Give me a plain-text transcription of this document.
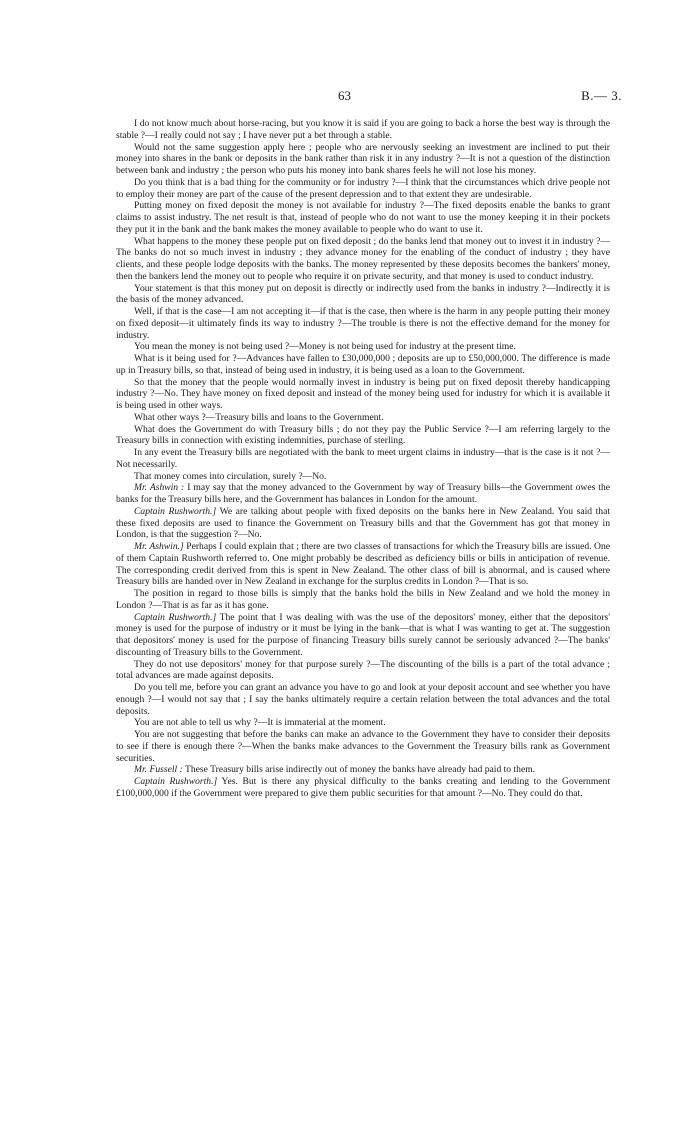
63	B.— 3.

I do not know much about horse-racing, but you know it is said if you are going to back a horse the best way is through the stable ?—I really could not say ; I have never put a bet through a stable.

Would not the same suggestion apply here ; people who are nervously seeking an investment are inclined to put their money into shares in the bank or deposits in the bank rather than risk it in any industry ?—It is not a question of the distinction between bank and industry ; the person who puts his money into bank shares feels he will not lose his money.

Do you think that is a bad thing for the community or for industry ?—I think that the circumstances which drive people not to employ their money are part of the cause of the present depression and to that extent they are undesirable.

Putting money on fixed deposit the money is not available for industry ?—The fixed deposits enable the banks to grant claims to assist industry. The net result is that, instead of people who do not want to use the money keeping it in their pockets they put it in the bank and the bank makes the money available to people who do want to use it.

What happens to the money these people put on fixed deposit ; do the banks lend that money out to invest it in industry ?—The banks do not so much invest in industry ; they advance money for the enabling of the conduct of industry ; they have clients, and these people lodge deposits with the banks. The money represented by these deposits becomes the bankers' money, then the bankers lend the money out to people who require it on private security, and that money is used to conduct industry.

Your statement is that this money put on deposit is directly or indirectly used from the banks in industry ?—Indirectly it is the basis of the money advanced.

Well, if that is the case—I am not accepting it—if that is the case, then where is the harm in any people putting their money on fixed deposit—it ultimately finds its way to industry ?—The trouble is there is not the effective demand for the money for industry.

You mean the money is not being used ?—Money is not being used for industry at the present time.

What is it being used for ?—Advances have fallen to £30,000,000 ; deposits are up to £50,000,000. The difference is made up in Treasury bills, so that, instead of being used in industry, it is being used as a loan to the Government.

So that the money that the people would normally invest in industry is being put on fixed deposit thereby handicapping industry ?—No. They have money on fixed deposit and instead of the money being used for industry for which it is available it is being used in other ways.

What other ways ?—Treasury bills and loans to the Government.

What does the Government do with Treasury bills ; do not they pay the Public Service ?—I am referring largely to the Treasury bills in connection with existing indemnities, purchase of sterling.

In any event the Treasury bills are negotiated with the bank to meet urgent claims in industry—that is the case is it not ?—Not necessarily.

That money comes into circulation, surely ?—No.

Mr. Ashwin : I may say that the money advanced to the Government by way of Treasury bills—the Government owes the banks for the Treasury bills here, and the Government has balances in London for the amount.

Captain Rushworth.] We are talking about people with fixed deposits on the banks here in New Zealand. You said that these fixed deposits are used to finance the Government on Treasury bills and that the Government has got that money in London, is that the suggestion ?—No.

Mr. Ashwin.] Perhaps I could explain that ; there are two classes of transactions for which the Treasury bills are issued. One of them Captain Rushworth referred to. One might probably be described as deficiency bills or bills in anticipation of revenue. The corresponding credit derived from this is spent in New Zealand. The other class of bill is abnormal, and is caused where Treasury bills are handed over in New Zealand in exchange for the surplus credits in London ?—That is so.

The position in regard to those bills is simply that the banks hold the bills in New Zealand and we hold the money in London ?—That is as far as it has gone.

Captain Rushworth.] The point that I was dealing with was the use of the depositors' money, either that the depositors' money is used for the purpose of industry or it must be lying in the bank—that is what I was wanting to get at. The suggestion that depositors' money is used for the purpose of financing Treasury bills surely cannot be seriously advanced ?—The banks' discounting of Treasury bills to the Government.

They do not use depositors' money for that purpose surely ?—The discounting of the bills is a part of the total advance ; total advances are made against deposits.

Do you tell me, before you can grant an advance you have to go and look at your deposit account and see whether you have enough ?—I would not say that ; I say the banks ultimately require a certain relation between the total advances and the total deposits.

You are not able to tell us why ?—It is immaterial at the moment.

You are not suggesting that before the banks can make an advance to the Government they have to consider their deposits to see if there is enough there ?—When the banks make advances to the Government the Treasury bills rank as Government securities.

Mr. Fussell : These Treasury bills arise indirectly out of money the banks have already had paid to them.

Captain Rushworth.] Yes. But is there any physical difficulty to the banks creating and lending to the Government £100,000,000 if the Government were prepared to give them public securities for that amount ?—No. They could do that.
